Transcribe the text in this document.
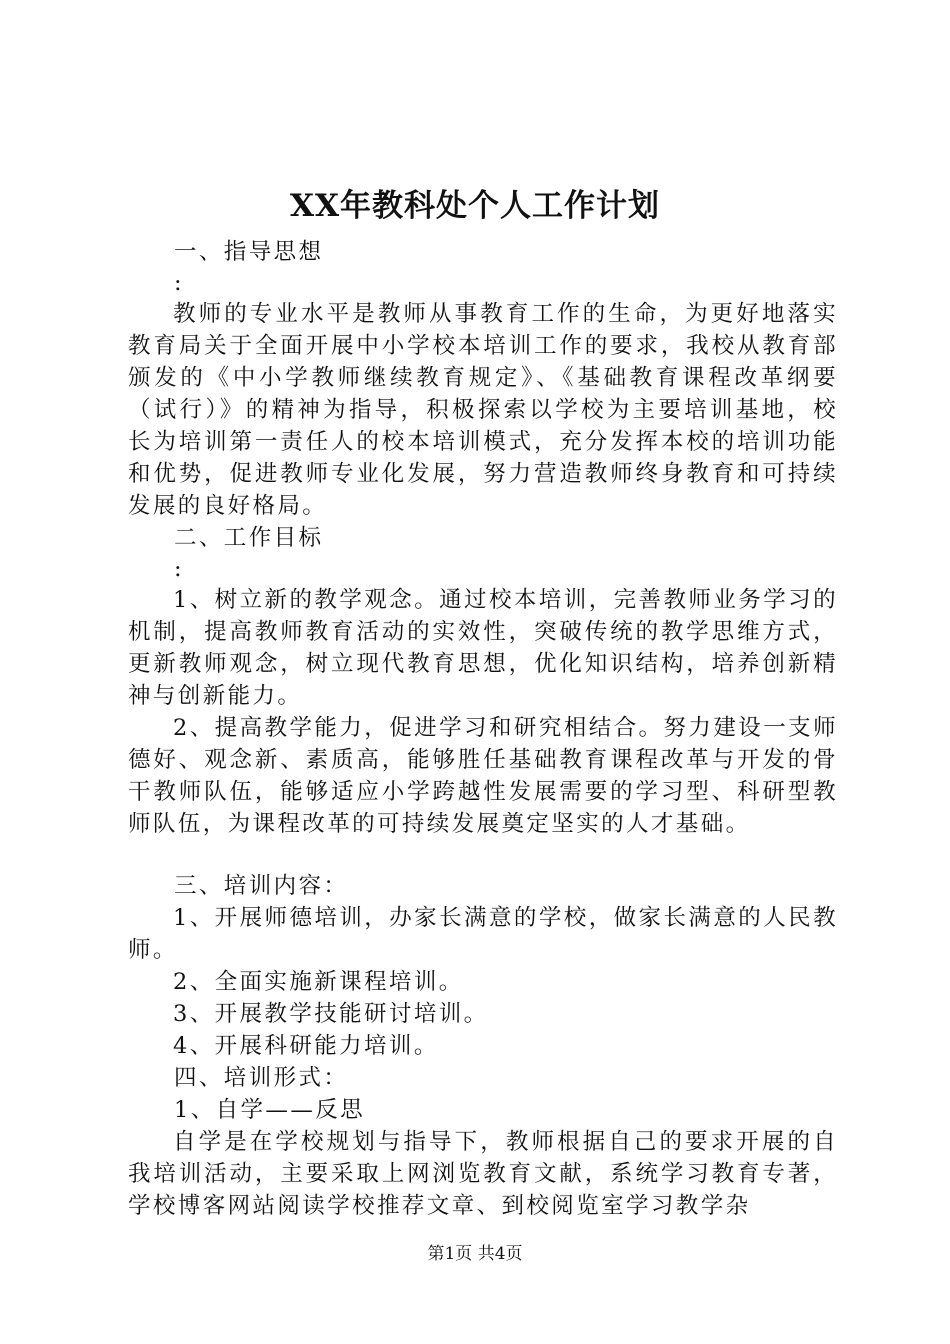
XX年教科处个人工作计划
一、指导思想
:

教师的专业水平是教师从事教育工作的生命，为更好地落实教育局关于全面开展中小学校本培训工作的要求，我校从教育部颁发的《中小学教师继续教育规定》、《基础教育课程改革纲要（试行）》的精神为指导，积极探索以学校为主要培训基地，校长为培训第一责任人的校本培训模式，充分发挥本校的培训功能和优势，促进教师专业化发展，努力营造教师终身教育和可持续发展的良好格局。

二、工作目标
:

1、树立新的教学观念。通过校本培训，完善教师业务学习的机制，提高教师教育活动的实效性，突破传统的教学思维方式，更新教师观念，树立现代教育思想，优化知识结构，培养创新精神与创新能力。

2、提高教学能力，促进学习和研究相结合。努力建设一支师德好、观念新、素质高，能够胜任基础教育课程改革与开发的骨干教师队伍，能够适应小学跨越性发展需要的学习型、科研型教师队伍，为课程改革的可持续发展奠定坚实的人才基础。

三、培训内容：

1、开展师德培训，办家长满意的学校，做家长满意的人民教师。

2、全面实施新课程培训。

3、开展教学技能研讨培训。

4、开展科研能力培训。

四、培训形式：
1、自学——反思

自学是在学校规划与指导下，教师根据自己的要求开展的自我培训活动，主要采取上网浏览教育文献，系统学习教育专著，学校博客网站阅读学校推荐文章、到校阅览室学习教学杂

第1页 共4页
